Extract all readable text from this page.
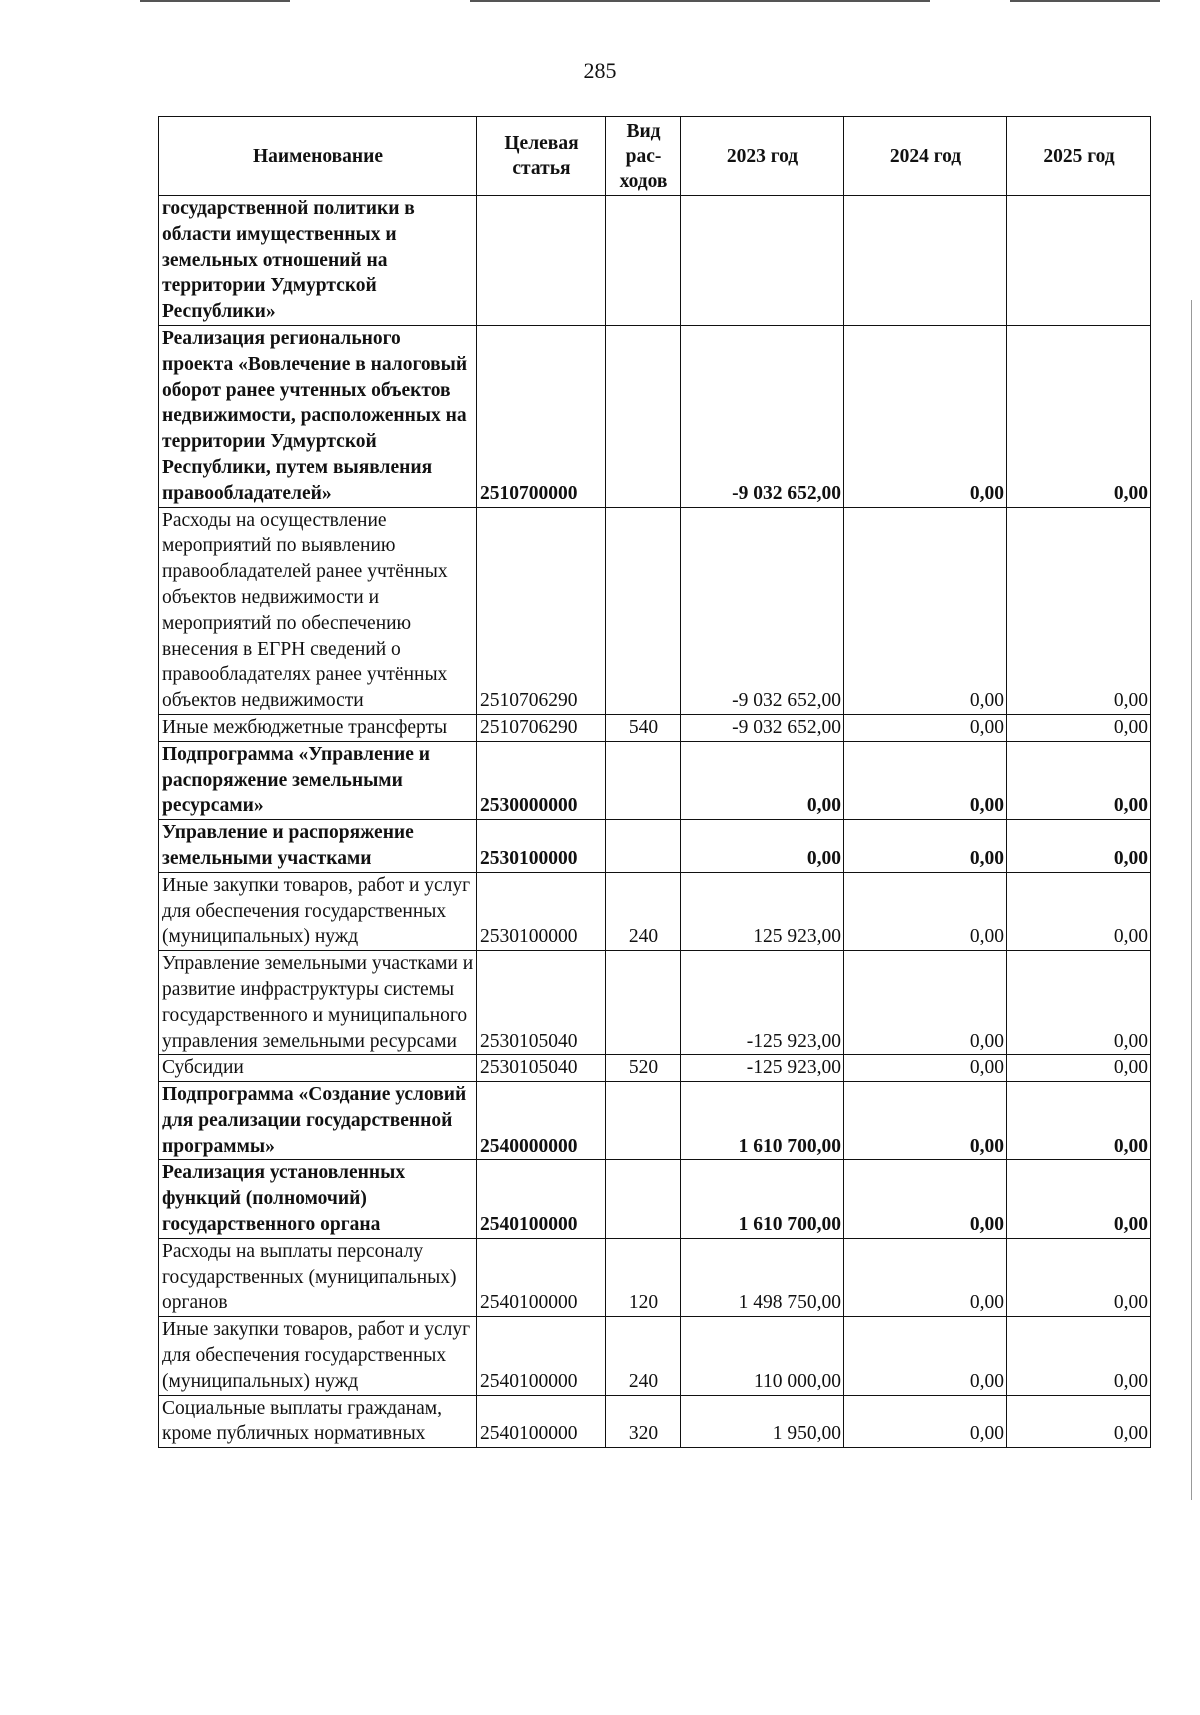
285
Наименование	Целевая статья	Вид рас-ходов	2023 год	2024 год	2025 год
государственной политики в области имущественных и земельных отношений на территории Удмуртской Республики»					
Реализация регионального проекта «Вовлечение в налоговый оборот ранее учтенных объектов недвижимости, расположенных на территории Удмуртской Республики, путем выявления правообладателей»	2510700000		-9 032 652,00	0,00	0,00
Расходы на осуществление мероприятий по выявлению правообладателей ранее учтённых объектов недвижимости и мероприятий по обеспечению внесения в ЕГРН сведений о правообладателях ранее учтённых объектов недвижимости	2510706290		-9 032 652,00	0,00	0,00
Иные межбюджетные трансферты	2510706290	540	-9 032 652,00	0,00	0,00
Подпрограмма «Управление и распоряжение земельными ресурсами»	2530000000		0,00	0,00	0,00
Управление и распоряжение земельными участками	2530100000		0,00	0,00	0,00
Иные закупки товаров, работ и услуг для обеспечения государственных (муниципальных) нужд	2530100000	240	125 923,00	0,00	0,00
Управление земельными участками и развитие инфраструктуры системы государственного и муниципального управления земельными ресурсами	2530105040		-125 923,00	0,00	0,00
Субсидии	2530105040	520	-125 923,00	0,00	0,00
Подпрограмма «Создание условий для реализации государственной программы»	2540000000		1 610 700,00	0,00	0,00
Реализация установленных функций (полномочий) государственного органа	2540100000		1 610 700,00	0,00	0,00
Расходы на выплаты персоналу государственных (муниципальных) органов	2540100000	120	1 498 750,00	0,00	0,00
Иные закупки товаров, работ и услуг для обеспечения государственных (муниципальных) нужд	2540100000	240	110 000,00	0,00	0,00
Социальные выплаты гражданам, кроме публичных нормативных	2540100000	320	1 950,00	0,00	0,00
